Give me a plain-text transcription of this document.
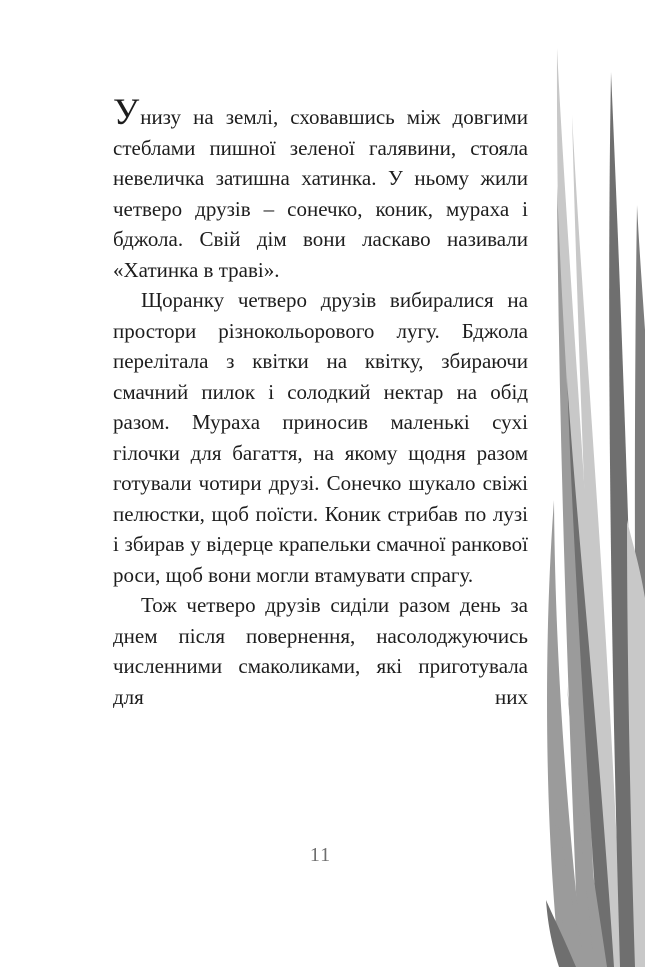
Унизу на землі, сховавшись між довгими стеблами пишної зеленої галявини, стояла невеличка затишна хатинка. У ньому жили четверо друзів – сонечко, коник, мураха і бджола. Свій дім вони ласкаво називали «Хатинка в траві».

Щоранку четверо друзів вибиралися на простори різнокольорового лугу. Бджола перелітала з квітки на квітку, збираючи смачний пилок і солодкий нектар на обід разом. Мураха приносив маленькі сухі гілочки для багаття, на якому щодня разом готували чотири друзі. Сонечко шукало свіжі пелюстки, щоб поїсти. Коник стрибав по лузі і збирав у відерце крапельки смачної ранкової роси, щоб вони могли втамувати спрагу.

Тож четверо друзів сиділи разом день за днем після повернення, насолоджуючись численними смаколиками, які приготувала для них

11
